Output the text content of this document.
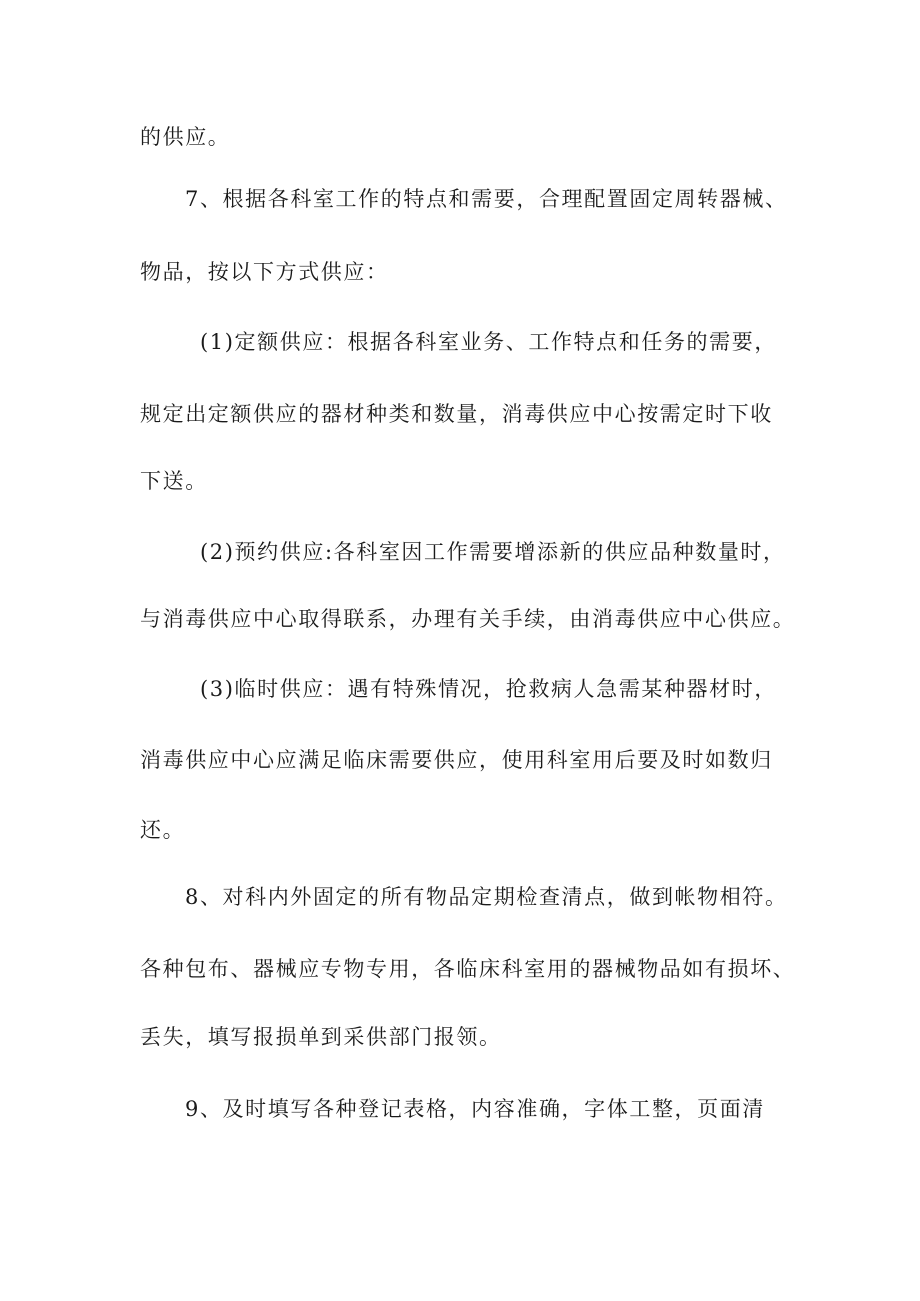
的供应。

7、根据各科室工作的特点和需要，合理配置固定周转器械、

物品，按以下方式供应：

(1)定额供应：根据各科室业务、工作特点和任务的需要，

规定出定额供应的器材种类和数量，消毒供应中心按需定时下收

下送。

(2)预约供应:各科室因工作需要增添新的供应品种数量时，

与消毒供应中心取得联系，办理有关手续，由消毒供应中心供应。

(3)临时供应：遇有特殊情况，抢救病人急需某种器材时，

消毒供应中心应满足临床需要供应，使用科室用后要及时如数归

还。

8、对科内外固定的所有物品定期检查清点，做到帐物相符。

各种包布、器械应专物专用，各临床科室用的器械物品如有损坏、

丢失，填写报损单到采供部门报领。

9、及时填写各种登记表格，内容准确，字体工整，页面清
